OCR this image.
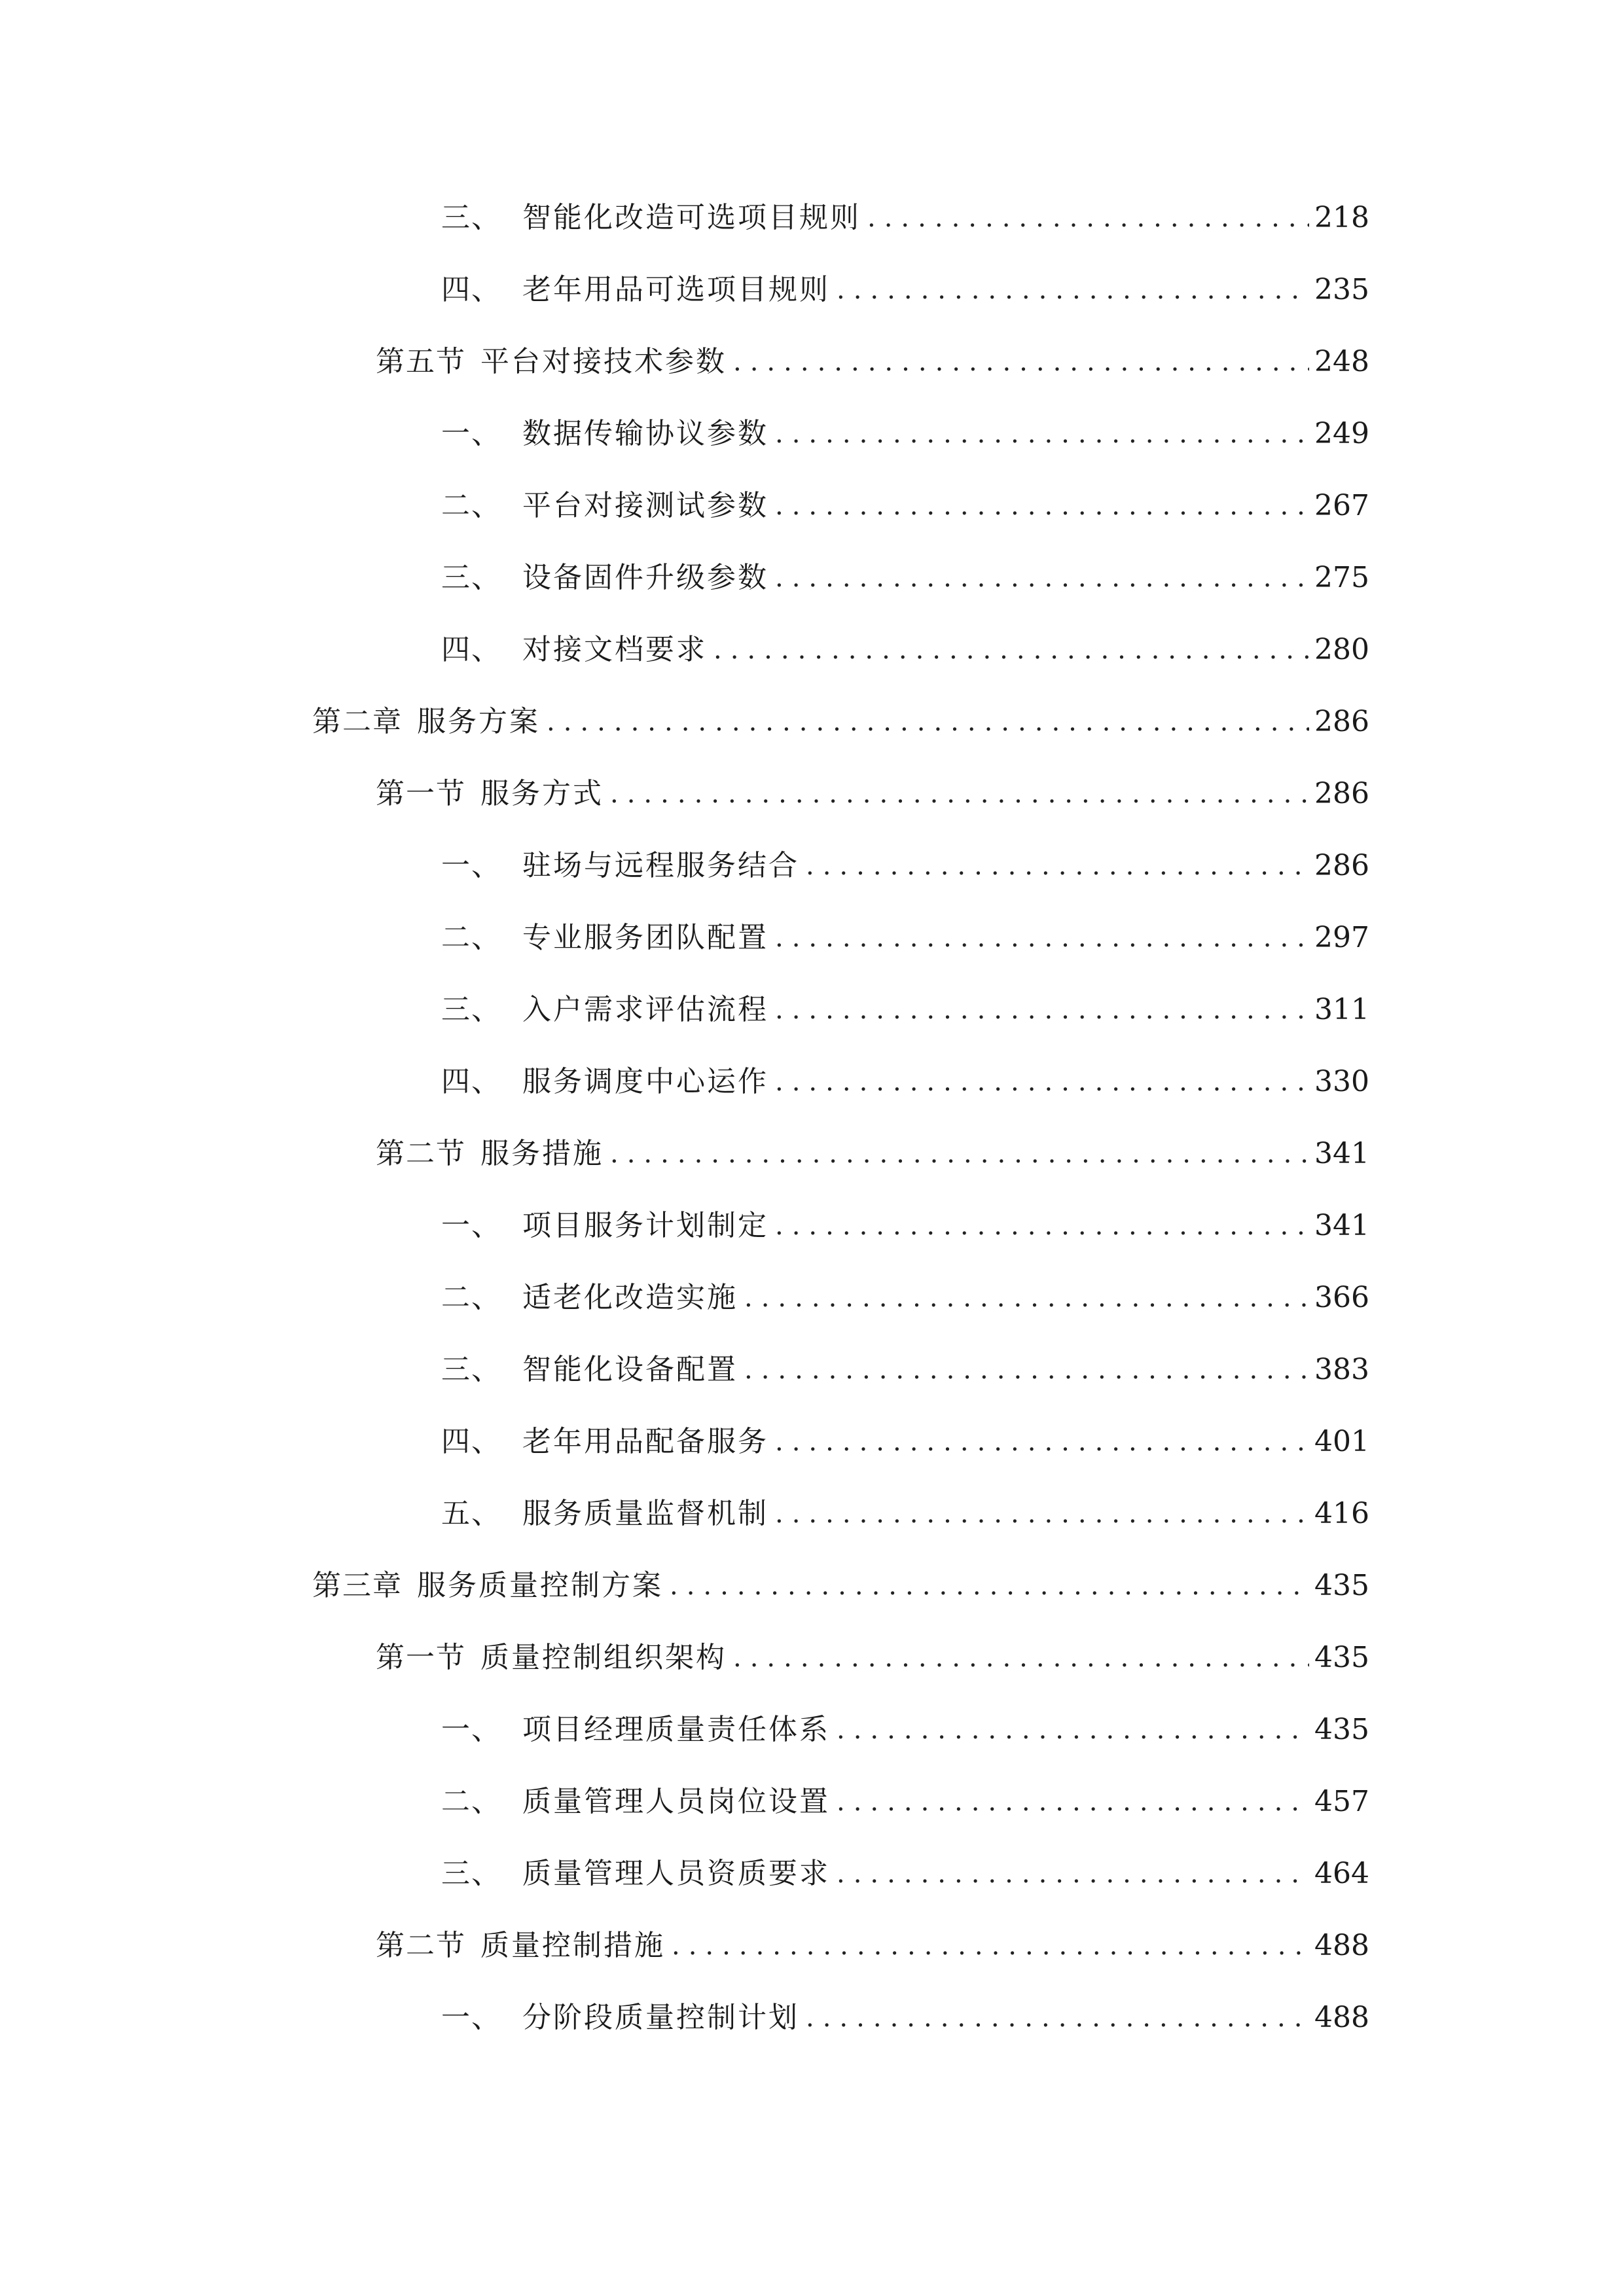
三、 智能化改造可选项目规则 .....	218
四、 老年用品可选项目规则 .....	235
第五节 平台对接技术参数 .....	248
一、 数据传输协议参数 .....	249
二、 平台对接测试参数 .....	267
三、 设备固件升级参数 .....	275
四、 对接文档要求 .....	280
第二章 服务方案 .....	286
第一节 服务方式 .....	286
一、 驻场与远程服务结合 .....	286
二、 专业服务团队配置 .....	297
三、 入户需求评估流程 .....	311
四、 服务调度中心运作 .....	330
第二节 服务措施 .....	341
一、 项目服务计划制定 .....	341
二、 适老化改造实施 .....	366
三、 智能化设备配置 .....	383
四、 老年用品配备服务 .....	401
五、 服务质量监督机制 .....	416
第三章 服务质量控制方案 .....	435
第一节 质量控制组织架构 .....	435
一、 项目经理质量责任体系 .....	435
二、 质量管理人员岗位设置 .....	457
三、 质量管理人员资质要求 .....	464
第二节 质量控制措施 .....	488
一、 分阶段质量控制计划 .....	488
